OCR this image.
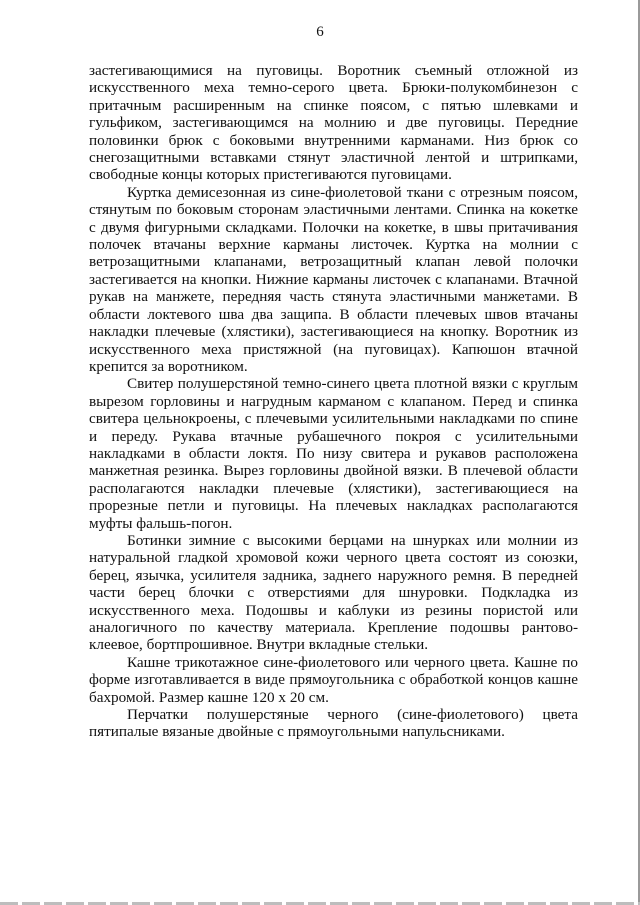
6

застегивающимися на пуговицы. Воротник съемный отложной из искусственного меха темно-серого цвета. Брюки-полукомбинезон с притачным расширенным на спинке поясом, с пятью шлевками и гульфиком, застегивающимся на молнию и две пуговицы. Передние половинки брюк с боковыми внутренними карманами. Низ брюк со снегозащитными вставками стянут эластичной лентой и штрипками, свободные концы которых пристегиваются пуговицами.

Куртка демисезонная из сине-фиолетовой ткани с отрезным поясом, стянутым по боковым сторонам эластичными лентами. Спинка на кокетке с двумя фигурными складками. Полочки на кокетке, в швы притачивания полочек втачаны верхние карманы листочек. Куртка на молнии с ветрозащитными клапанами, ветрозащитный клапан левой полочки застегивается на кнопки. Нижние карманы листочек с клапанами. Втачной рукав на манжете, передняя часть стянута эластичными манжетами. В области локтевого шва два защипа. В области плечевых швов втачаны накладки плечевые (хлястики), застегивающиеся на кнопку. Воротник из искусственного меха пристяжной (на пуговицах). Капюшон втачной крепится за воротником.

Свитер полушерстяной темно-синего цвета плотной вязки с круглым вырезом горловины и нагрудным карманом с клапаном. Перед и спинка свитера цельнокроены, с плечевыми усилительными накладками по спине и переду. Рукава втачные рубашечного покроя с усилительными накладками в области локтя. По низу свитера и рукавов расположена манжетная резинка. Вырез горловины двойной вязки. В плечевой области располагаются накладки плечевые (хлястики), застегивающиеся на прорезные петли и пуговицы. На плечевых накладках располагаются муфты фальшь-погон.

Ботинки зимние с высокими берцами на шнурках или молнии из натуральной гладкой хромовой кожи черного цвета состоят из союзки, берец, язычка, усилителя задника, заднего наружного ремня. В передней части берец блочки с отверстиями для шнуровки. Подкладка из искусственного меха. Подошвы и каблуки из резины пористой или аналогичного по качеству материала. Крепление подошвы рантово-клеевое, бортпрошивное. Внутри вкладные стельки.

Кашне трикотажное сине-фиолетового или черного цвета. Кашне по форме изготавливается в виде прямоугольника с обработкой концов кашне бахромой. Размер кашне 120 х 20 см.

Перчатки полушерстяные черного (сине-фиолетового) цвета пятипалые вязаные двойные с прямоугольными напульсниками.
